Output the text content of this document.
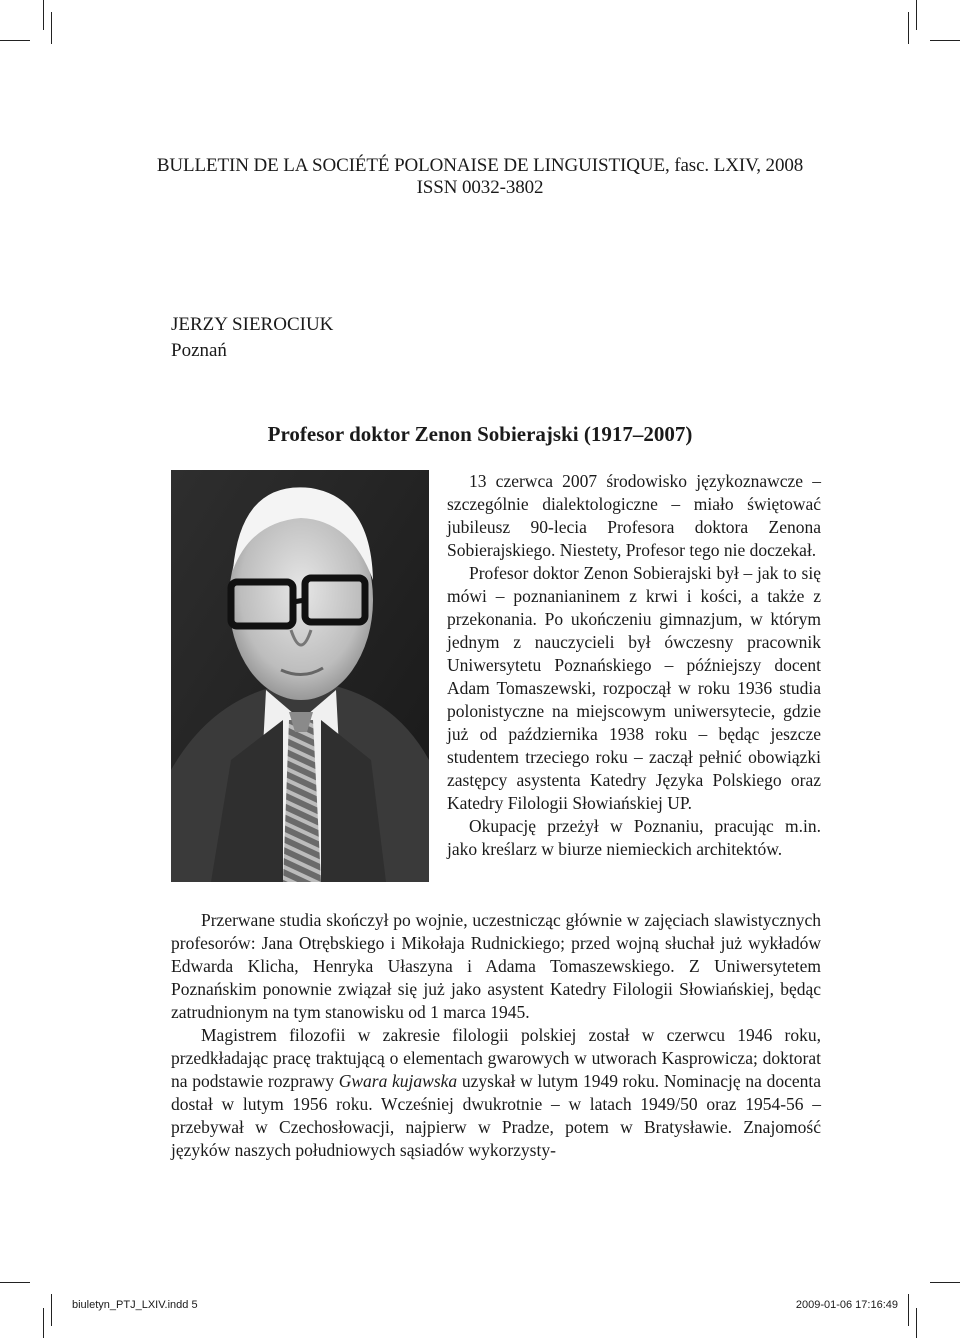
BULLETIN DE LA SOCIÉTÉ POLONAISE DE LINGUISTIQUE, fasc. LXIV, 2008
ISSN 0032-3802
JERZY SIEROCIUK
Poznań
Profesor doktor Zenon Sobierajski (1917–2007)

13 czerwca 2007 środowisko językoznawcze – szczególnie dialektologiczne – miało świętować jubileusz 90-lecia Profesora doktora Zenona Sobierajskiego. Niestety, Profesor tego nie doczekał.

Profesor doktor Zenon Sobierajski był – jak to się mówi – poznanianinem z krwi i kości, a także z przekonania. Po ukończeniu gimnazjum, w którym jednym z nauczycieli był ówczesny pracownik Uniwersytetu Poznańskiego – późniejszy docent Adam Tomaszewski, rozpoczął w roku 1936 studia polonistyczne na miejscowym uniwersytecie, gdzie już od października 1938 roku – będąc jeszcze studentem trzeciego roku – zaczął pełnić obowiązki zastępcy asystenta Katedry Języka Polskiego oraz Katedry Filologii Słowiańskiej UP.

Okupację przeżył w Poznaniu, pracując m.in. jako kreślarz w biurze niemieckich architektów.

Przerwane studia skończył po wojnie, uczestnicząc głównie w zajęciach slawistycznych profesorów: Jana Otrębskiego i Mikołaja Rudnickiego; przed wojną słuchał już wykładów Edwarda Klicha, Henryka Ułaszyna i Adama Tomaszewskiego. Z Uniwersytetem Poznańskim ponownie związał się już jako asystent Katedry Filologii Słowiańskiej, będąc zatrudnionym na tym stanowisku od 1 marca 1945.

Magistrem filozofii w zakresie filologii polskiej został w czerwcu 1946 roku, przedkładając pracę traktującą o elementach gwarowych w utworach Kasprowicza; doktorat na podstawie rozprawy Gwara kujawska uzyskał w lutym 1949 roku. Nominację na docenta dostał w lutym 1956 roku. Wcześniej dwukrotnie – w latach 1949/50 oraz 1954-56 – przebywał w Czechosłowacji, najpierw w Pradze, potem w Bratysławie. Znajomość języków naszych południowych sąsiadów wykorzysty-

biuletyn_PTJ_LXIV.indd 5	2009-01-06 17:16:49
